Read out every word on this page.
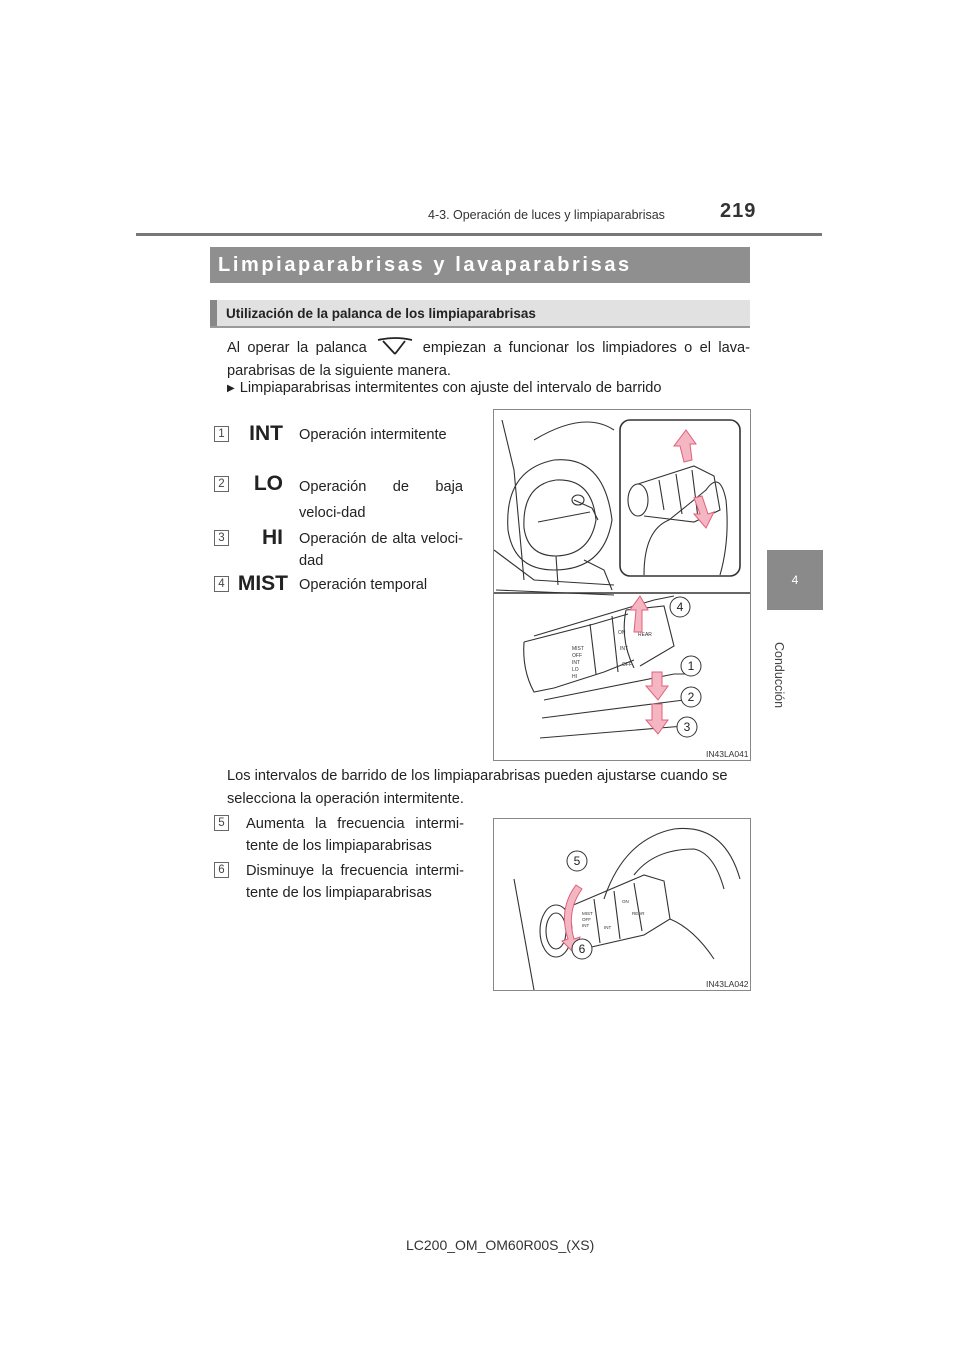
4-3. Operación de luces y limpiaparabrisas	219
4
Conducción
Limpiaparabrisas y lavaparabrisas
Utilización de la palanca de los limpiaparabrisas
Al operar la palanca	empiezan a funcionar los limpiadores o el lava-parabrisas de la siguiente manera.
▶ Limpiaparabrisas intermitentes con ajuste del intervalo de barrido
1	INT Operación intermitente
2	LO Operación de baja veloci-dad
3	HI Operación de alta veloci-dad
4 MIST Operación temporal
MIST
OFF
INT
LO
HI
ON
INT
OFF
REAR
4
1
2
3
IN43LA041
Los intervalos de barrido de los limpiaparabrisas pueden ajustarse cuando se selecciona la operación intermitente.
5 Aumenta la frecuencia intermi-tente de los limpiaparabrisas
6 Disminuye la frecuencia intermi-tente de los limpiaparabrisas
MIST
OFF
INT	INT
ON
REAR
5
6
IN43LA042
LC200_OM_OM60R00S_(XS)
